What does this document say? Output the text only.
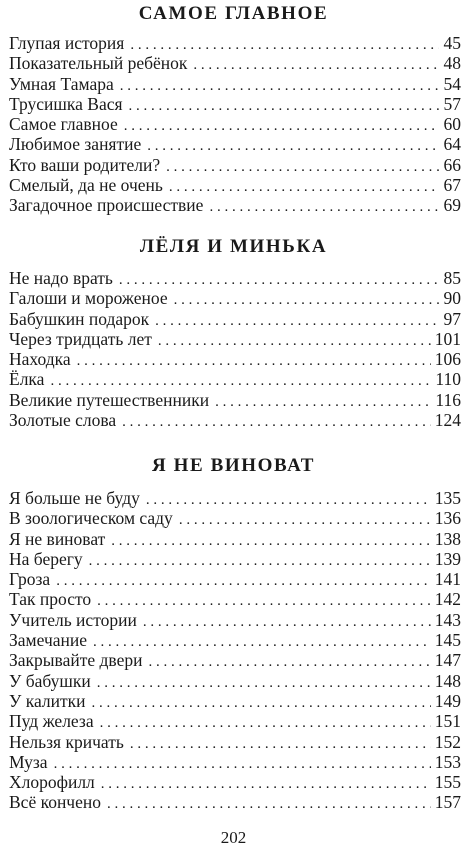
САМОЕ ГЛАВНОЕ
Глупая история . . .	45
Показательный ребёнок . . .	48
Умная Тамара . . .	54
Трусишка Вася . . .	57
Самое главное . . .	60
Любимое занятие . . .	64
Кто ваши родители? . . .	66
Смелый, да не очень . . .	67
Загадочное происшествие . . .	69
ЛЁЛЯ И МИНЬКА
Не надо врать . . .	85
Галоши и мороженое . . .	90
Бабушкин подарок . . .	97
Через тридцать лет . . .	101
Находка . . .	106
Ёлка . . .	110
Великие путешественники . . .	116
Золотые слова . . .	124
Я НЕ ВИНОВАТ
Я больше не буду . . .	135
В зоологическом саду . . .	136
Я не виноват . . .	138
На берегу . . .	139
Гроза . . .	141
Так просто . . .	142
Учитель истории . . .	143
Замечание . . .	145
Закрывайте двери . . .	147
У бабушки . . .	148
У калитки . . .	149
Пуд железа . . .	151
Нельзя кричать . . .	152
Муза . . .	153
Хлорофилл . . .	155
Всё кончено . . .	157
202
